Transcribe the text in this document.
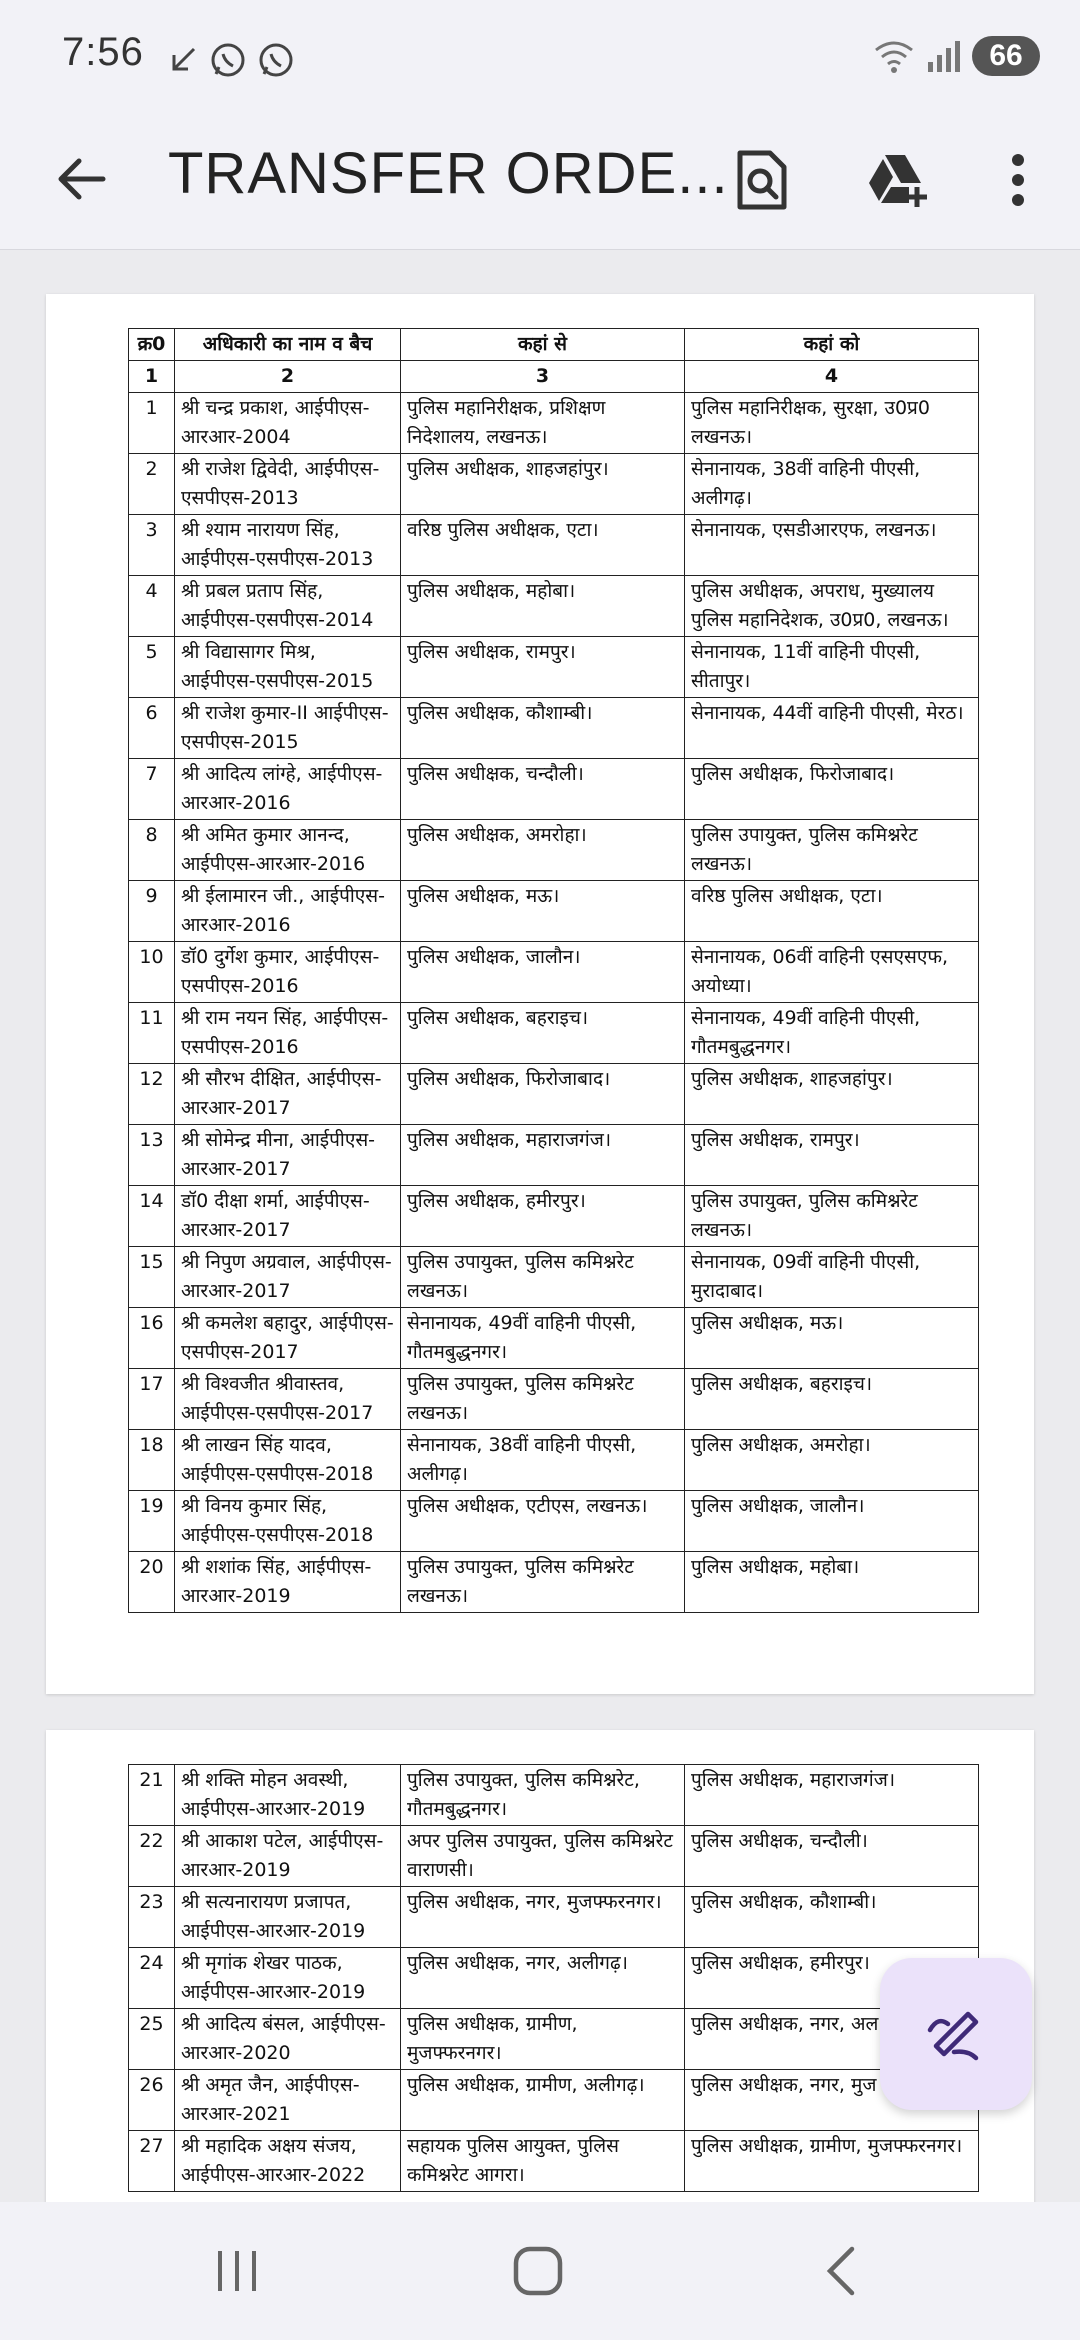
7:56	66
TRANSFER ORDE...
क्र0	अधिकारी का नाम व बैच	कहां से	कहां को
1	2	3	4
1	श्री चन्द्र प्रकाश, आईपीएस-आरआर-2004	पुलिस महानिरीक्षक, प्रशिक्षण निदेशालय, लखनऊ।	पुलिस महानिरीक्षक, सुरक्षा, उ0प्र0 लखनऊ।
2	श्री राजेश द्विवेदी, आईपीएस-एसपीएस-2013	पुलिस अधीक्षक, शाहजहांपुर।	सेनानायक, 38वीं वाहिनी पीएसी, अलीगढ़।
3	श्री श्याम नारायण सिंह, आईपीएस-एसपीएस-2013	वरिष्ठ पुलिस अधीक्षक, एटा।	सेनानायक, एसडीआरएफ, लखनऊ।
4	श्री प्रबल प्रताप सिंह, आईपीएस-एसपीएस-2014	पुलिस अधीक्षक, महोबा।	पुलिस अधीक्षक, अपराध, मुख्यालय पुलिस महानिदेशक, उ0प्र0, लखनऊ।
5	श्री विद्यासागर मिश्र, आईपीएस-एसपीएस-2015	पुलिस अधीक्षक, रामपुर।	सेनानायक, 11वीं वाहिनी पीएसी, सीतापुर।
6	श्री राजेश कुमार-II आईपीएस-एसपीएस-2015	पुलिस अधीक्षक, कौशाम्बी।	सेनानायक, 44वीं वाहिनी पीएसी, मेरठ।
7	श्री आदित्य लांग्हे, आईपीएस-आरआर-2016	पुलिस अधीक्षक, चन्दौली।	पुलिस अधीक्षक, फिरोजाबाद।
8	श्री अमित कुमार आनन्द, आईपीएस-आरआर-2016	पुलिस अधीक्षक, अमरोहा।	पुलिस उपायुक्त, पुलिस कमिश्नरेट लखनऊ।
9	श्री ईलामारन जी., आईपीएस-आरआर-2016	पुलिस अधीक्षक, मऊ।	वरिष्ठ पुलिस अधीक्षक, एटा।
10	डॉ0 दुर्गेश कुमार, आईपीएस-एसपीएस-2016	पुलिस अधीक्षक, जालौन।	सेनानायक, 06वीं वाहिनी एसएसएफ, अयोध्या।
11	श्री राम नयन सिंह, आईपीएस-एसपीएस-2016	पुलिस अधीक्षक, बहराइच।	सेनानायक, 49वीं वाहिनी पीएसी, गौतमबुद्धनगर।
12	श्री सौरभ दीक्षित, आईपीएस-आरआर-2017	पुलिस अधीक्षक, फिरोजाबाद।	पुलिस अधीक्षक, शाहजहांपुर।
13	श्री सोमेन्द्र मीना, आईपीएस-आरआर-2017	पुलिस अधीक्षक, महाराजगंज।	पुलिस अधीक्षक, रामपुर।
14	डॉ0 दीक्षा शर्मा, आईपीएस-आरआर-2017	पुलिस अधीक्षक, हमीरपुर।	पुलिस उपायुक्त, पुलिस कमिश्नरेट लखनऊ।
15	श्री निपुण अग्रवाल, आईपीएस-आरआर-2017	पुलिस उपायुक्त, पुलिस कमिश्नरेट लखनऊ।	सेनानायक, 09वीं वाहिनी पीएसी, मुरादाबाद।
16	श्री कमलेश बहादुर, आईपीएस-एसपीएस-2017	सेनानायक, 49वीं वाहिनी पीएसी, गौतमबुद्धनगर।	पुलिस अधीक्षक, मऊ।
17	श्री विश्वजीत श्रीवास्तव, आईपीएस-एसपीएस-2017	पुलिस उपायुक्त, पुलिस कमिश्नरेट लखनऊ।	पुलिस अधीक्षक, बहराइच।
18	श्री लाखन सिंह यादव, आईपीएस-एसपीएस-2018	सेनानायक, 38वीं वाहिनी पीएसी, अलीगढ़।	पुलिस अधीक्षक, अमरोहा।
19	श्री विनय कुमार सिंह, आईपीएस-एसपीएस-2018	पुलिस अधीक्षक, एटीएस, लखनऊ।	पुलिस अधीक्षक, जालौन।
20	श्री शशांक सिंह, आईपीएस-आरआर-2019	पुलिस उपायुक्त, पुलिस कमिश्नरेट लखनऊ।	पुलिस अधीक्षक, महोबा।
21	श्री शक्ति मोहन अवस्थी, आईपीएस-आरआर-2019	पुलिस उपायुक्त, पुलिस कमिश्नरेट, गौतमबुद्धनगर।	पुलिस अधीक्षक, महाराजगंज।
22	श्री आकाश पटेल, आईपीएस-आरआर-2019	अपर पुलिस उपायुक्त, पुलिस कमिश्नरेट वाराणसी।	पुलिस अधीक्षक, चन्दौली।
23	श्री सत्यनारायण प्रजापत, आईपीएस-आरआर-2019	पुलिस अधीक्षक, नगर, मुजफ्फरनगर।	पुलिस अधीक्षक, कौशाम्बी।
24	श्री मृगांक शेखर पाठक, आईपीएस-आरआर-2019	पुलिस अधीक्षक, नगर, अलीगढ़।	पुलिस अधीक्षक, हमीरपुर।
25	श्री आदित्य बंसल, आईपीएस-आरआर-2020	पुलिस अधीक्षक, ग्रामीण, मुजफ्फरनगर।	पुलिस अधीक्षक, नगर, अल
26	श्री अमृत जैन, आईपीएस-आरआर-2021	पुलिस अधीक्षक, ग्रामीण, अलीगढ़।	पुलिस अधीक्षक, नगर, मुज
27	श्री महादिक अक्षय संजय, आईपीएस-आरआर-2022	सहायक पुलिस आयुक्त, पुलिस कमिश्नरेट आगरा।	पुलिस अधीक्षक, ग्रामीण, मुजफ्फरनगर।
